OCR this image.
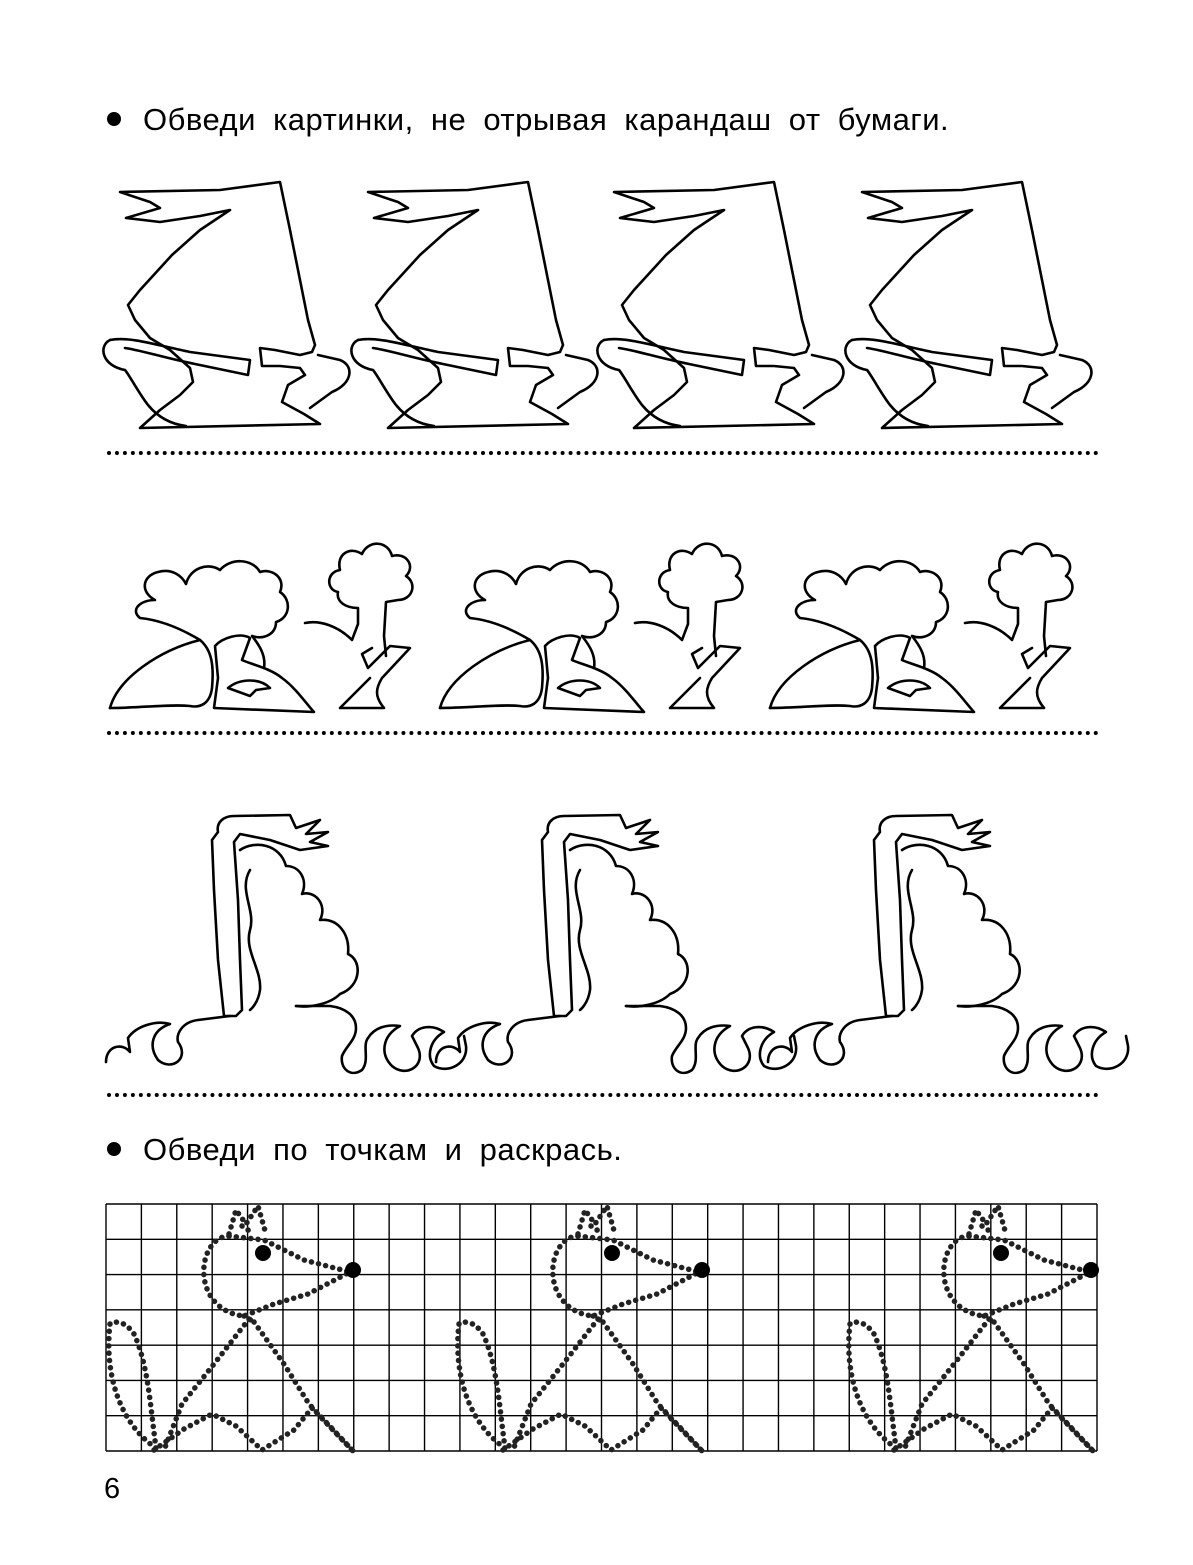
Обведи картинки, не отрывая карандаш от бумаги.
Обведи по точкам и раскрась.
6
